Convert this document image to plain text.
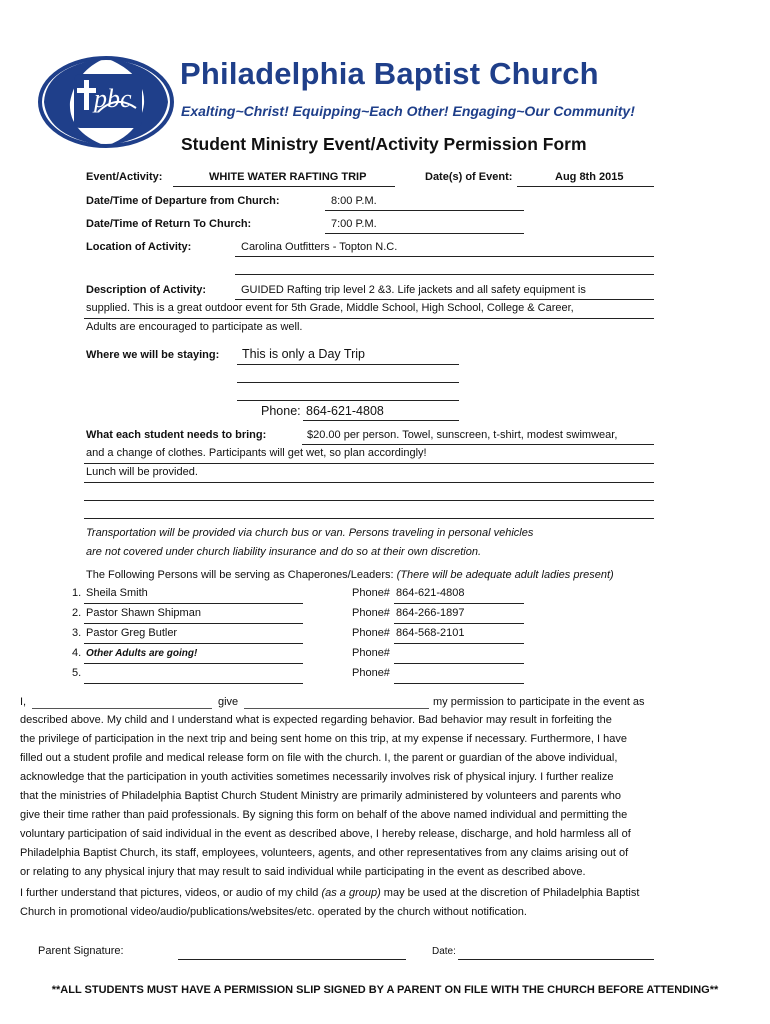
pbc
Philadelphia Baptist Church
Exalting~Christ! Equipping~Each Other! Engaging~Our Community!
Student Ministry Event/Activity Permission Form
Event/Activity:	WHITE WATER RAFTING TRIP	Date(s) of Event:	Aug 8th 2015
Date/Time of Departure from Church:	8:00 P.M.
Date/Time of Return To Church:	7:00 P.M.
Location of Activity:	Carolina Outfitters - Topton N.C.
Description of Activity:	GUIDED Rafting trip level 2 &3. Life jackets and all safety equipment is
supplied. This is a great outdoor event for 5th Grade, Middle School, High School, College & Career,
Adults are encouraged to participate as well.
Where we will be staying: This is only a Day Trip
Phone: 864-621-4808
What each student needs to bring:	$20.00 per person. Towel, sunscreen, t-shirt, modest swimwear,
and a change of clothes. Participants will get wet, so plan accordingly!
Lunch will be provided.
Transportation will be provided via church bus or van. Persons traveling in personal vehicles
are not covered under church liability insurance and do so at their own discretion.
The Following Persons will be serving as Chaperones/Leaders: (There will be adequate adult ladies present)
1. Sheila Smith	Phone# 864-621-4808
2. Pastor Shawn Shipman	Phone# 864-266-1897
3. Pastor Greg Butler	Phone# 864-568-2101
4. Other Adults are going!	Phone#
5.	Phone#
I,	give	my permission to participate in the event as
described above. My child and I understand what is expected regarding behavior. Bad behavior may result in forfeiting the
the privilege of participation in the next trip and being sent home on this trip, at my expense if necessary. Furthermore, I have
filled out a student profile and medical release form on file with the church. I, the parent or guardian of the above individual,
acknowledge that the participation in youth activities sometimes necessarily involves risk of physical injury. I further realize
that the ministries of Philadelphia Baptist Church Student Ministry are primarily administered by volunteers and parents who
give their time rather than paid professionals. By signing this form on behalf of the above named individual and permitting the
voluntary participation of said individual in the event as described above, I hereby release, discharge, and hold harmless all of
Philadelphia Baptist Church, its staff, employees, volunteers, agents, and other representatives from any claims arising out of
or relating to any physical injury that may result to said individual while participating in the event as described above.
I further understand that pictures, videos, or audio of my child (as a group) may be used at the discretion of Philadelphia Baptist
Church in promotional video/audio/publications/websites/etc. operated by the church without notification.
Parent Signature:	Date:
**ALL STUDENTS MUST HAVE A PERMISSION SLIP SIGNED BY A PARENT ON FILE WITH THE CHURCH BEFORE ATTENDING**
